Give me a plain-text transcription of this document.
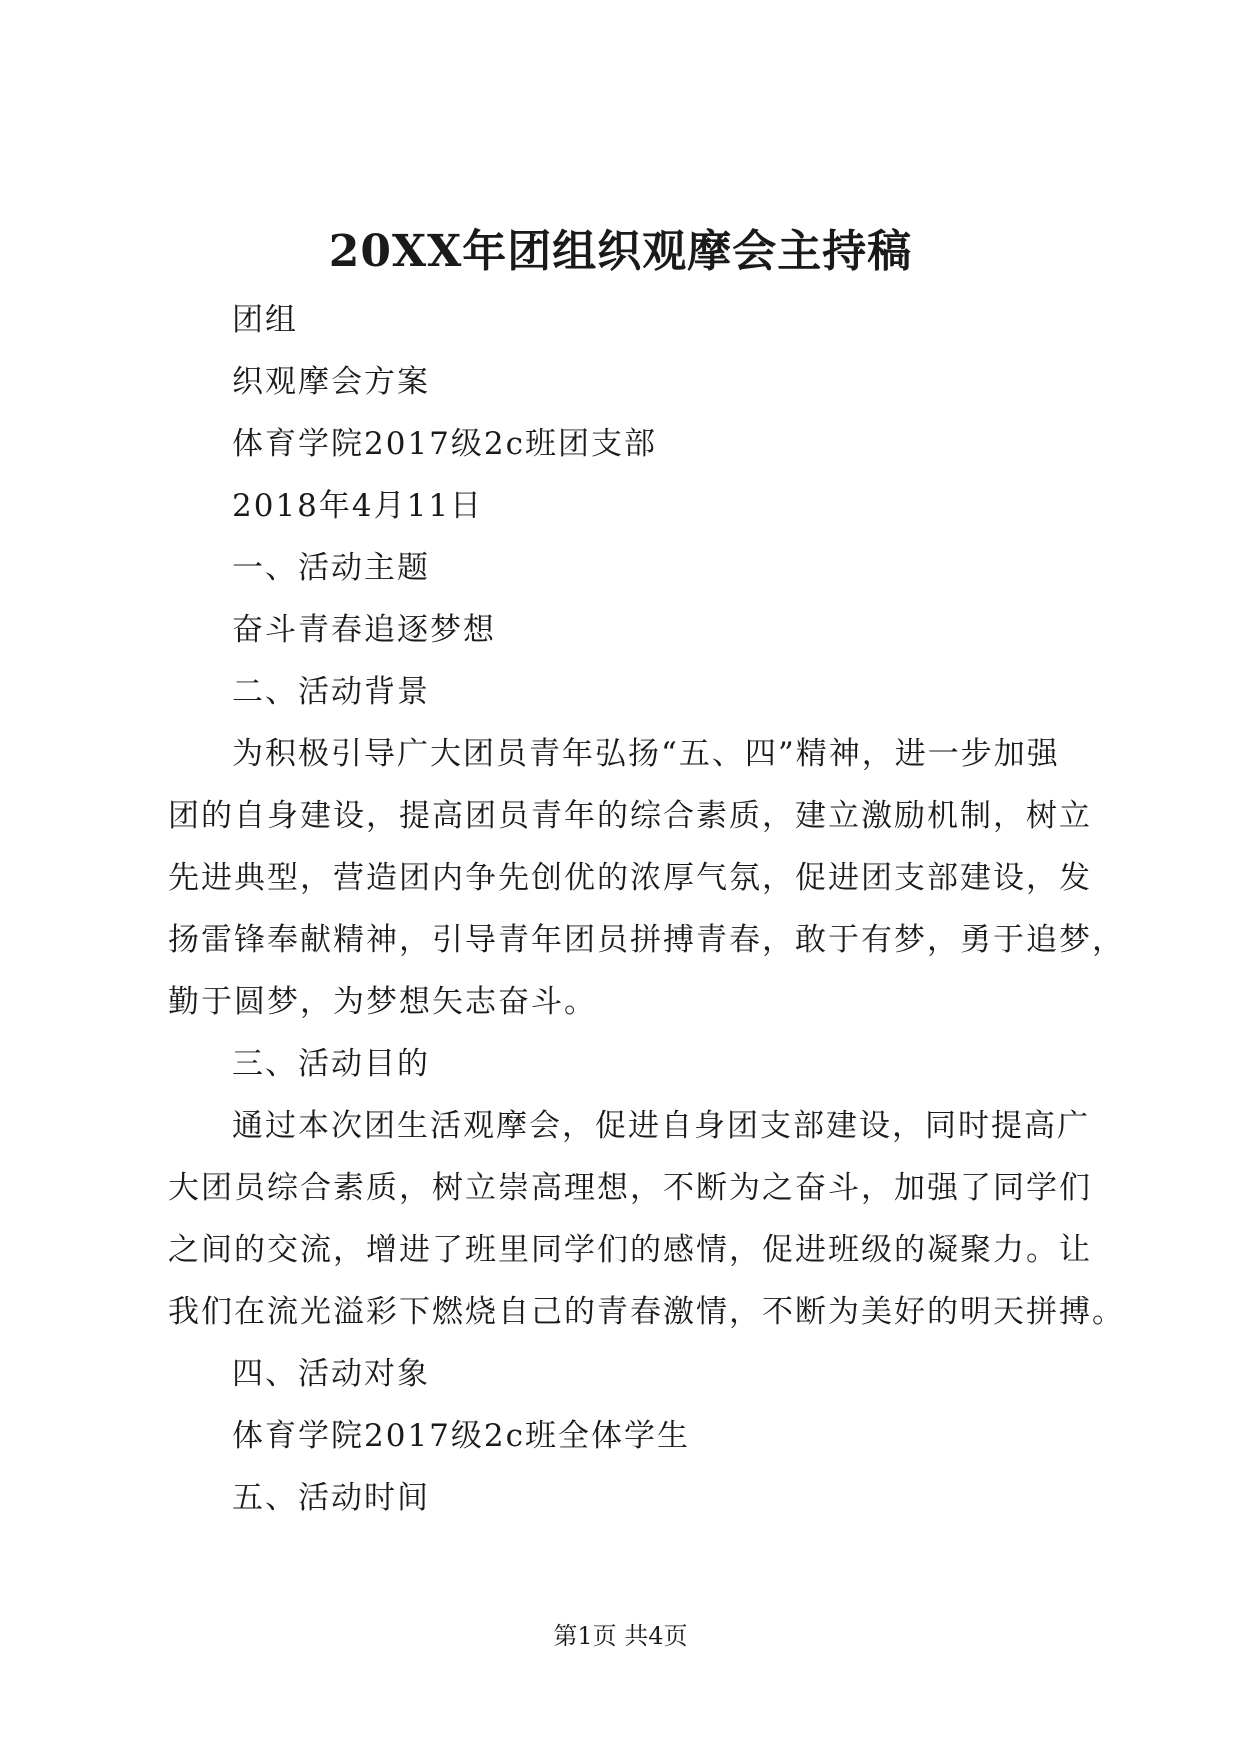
20XX年团组织观摩会主持稿
团组
织观摩会方案
体育学院2017级2c班团支部
2018年4月11日
一、活动主题
奋斗青春追逐梦想
二、活动背景
为积极引导广大团员青年弘扬“五、四”精神，进一步加强
团的自身建设，提高团员青年的综合素质，建立激励机制，树立
先进典型，营造团内争先创优的浓厚气氛，促进团支部建设，发
扬雷锋奉献精神，引导青年团员拼搏青春，敢于有梦，勇于追梦，
勤于圆梦，为梦想矢志奋斗。
三、活动目的
通过本次团生活观摩会，促进自身团支部建设，同时提高广
大团员综合素质，树立崇高理想，不断为之奋斗，加强了同学们
之间的交流，增进了班里同学们的感情，促进班级的凝聚力。让
我们在流光溢彩下燃烧自己的青春激情，不断为美好的明天拼搏。
四、活动对象
体育学院2017级2c班全体学生
五、活动时间
第1页 共4页
